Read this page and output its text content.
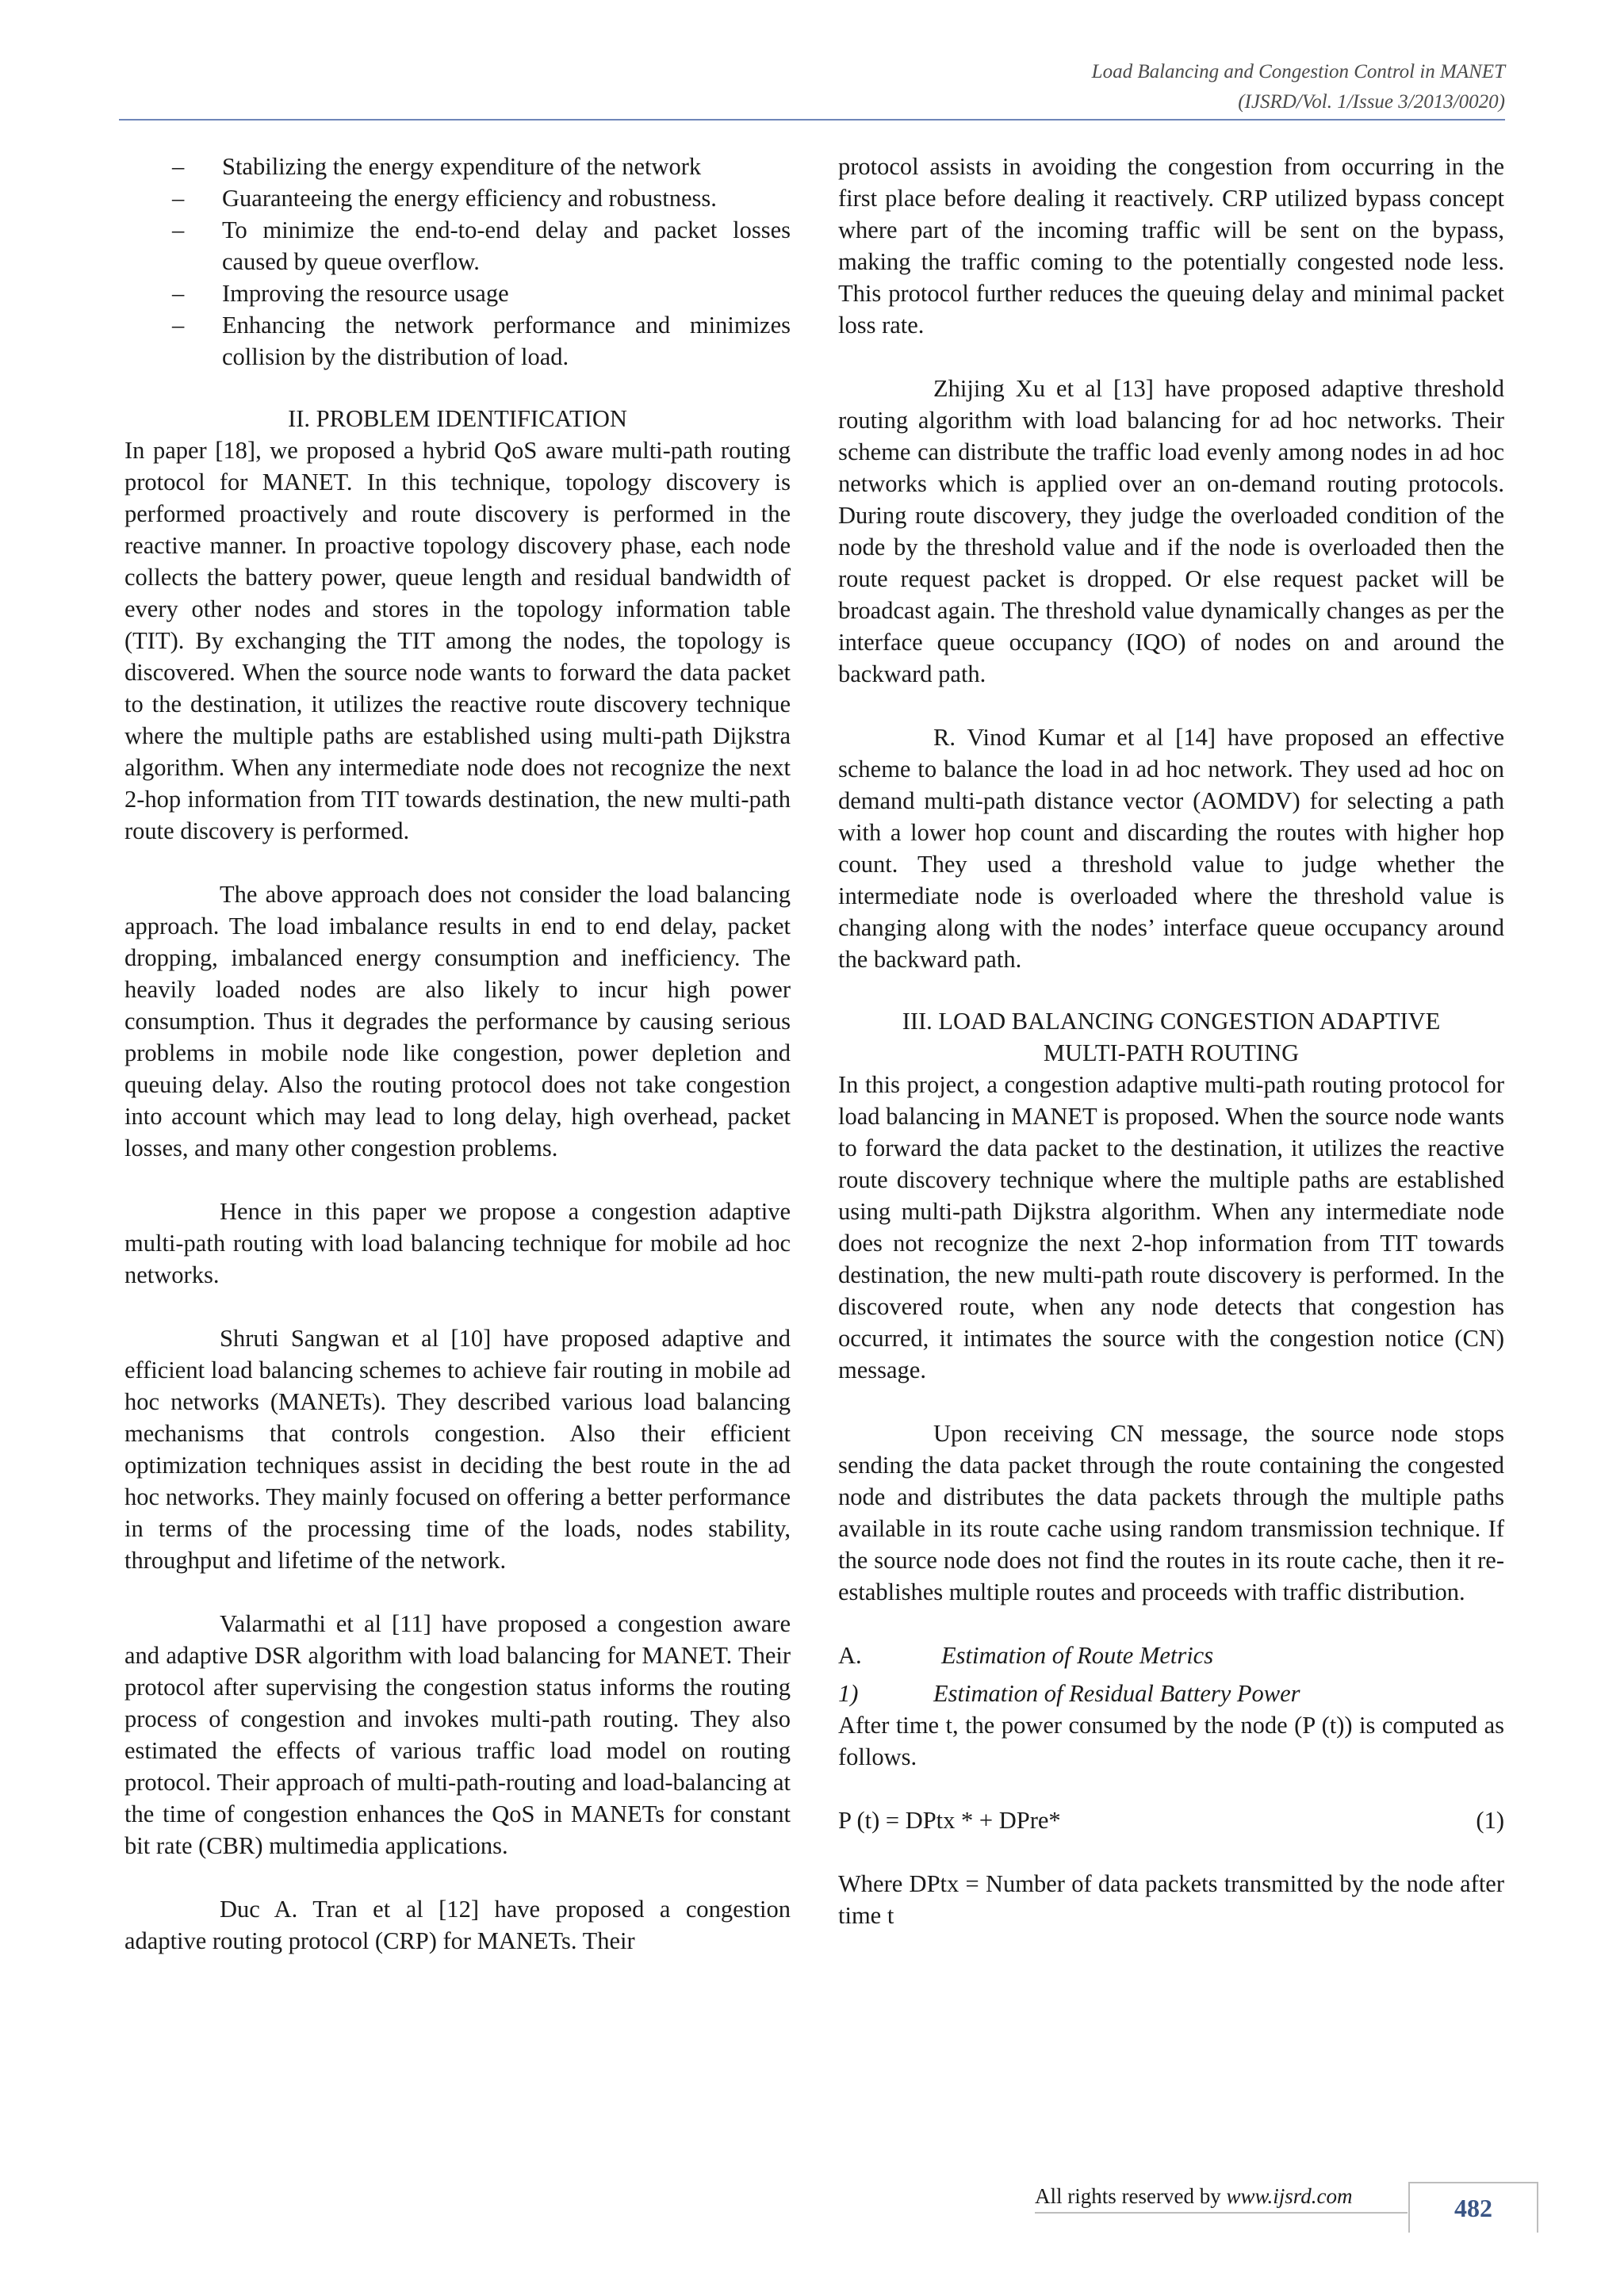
Load Balancing and Congestion Control in MANET
(IJSRD/Vol. 1/Issue 3/2013/0020)
– Stabilizing the energy expenditure of the network
– Guaranteeing the energy efficiency and robustness.
– To minimize the end-to-end delay and packet losses caused by queue overflow.
– Improving the resource usage
– Enhancing the network performance and minimizes collision by the distribution of load.
II. PROBLEM IDENTIFICATION

In paper [18], we proposed a hybrid QoS aware multi-path routing protocol for MANET. In this technique, topology discovery is performed proactively and route discovery is performed in the reactive manner. In proactive topology discovery phase, each node collects the battery power, queue length and residual bandwidth of every other nodes and stores in the topology information table (TIT). By exchanging the TIT among the nodes, the topology is discovered. When the source node wants to forward the data packet to the destination, it utilizes the reactive route discovery technique where the multiple paths are established using multi-path Dijkstra algorithm. When any intermediate node does not recognize the next 2-hop information from TIT towards destination, the new multi-path route discovery is performed.

The above approach does not consider the load balancing approach. The load imbalance results in end to end delay, packet dropping, imbalanced energy consumption and inefficiency. The heavily loaded nodes are also likely to incur high power consumption. Thus it degrades the performance by causing serious problems in mobile node like congestion, power depletion and queuing delay. Also the routing protocol does not take congestion into account which may lead to long delay, high overhead, packet losses, and many other congestion problems.

Hence in this paper we propose a congestion adaptive multi-path routing with load balancing technique for mobile ad hoc networks.

Shruti Sangwan et al [10] have proposed adaptive and efficient load balancing schemes to achieve fair routing in mobile ad hoc networks (MANETs). They described various load balancing mechanisms that controls congestion. Also their efficient optimization techniques assist in deciding the best route in the ad hoc networks. They mainly focused on offering a better performance in terms of the processing time of the loads, nodes stability, throughput and lifetime of the network.

Valarmathi et al [11] have proposed a congestion aware and adaptive DSR algorithm with load balancing for MANET. Their protocol after supervising the congestion status informs the routing process of congestion and invokes multi-path routing. They also estimated the effects of various traffic load model on routing protocol. Their approach of multi-path-routing and load-balancing at the time of congestion enhances the QoS in MANETs for constant bit rate (CBR) multimedia applications.

Duc A. Tran et al [12] have proposed a congestion adaptive routing protocol (CRP) for MANETs. Their

protocol assists in avoiding the congestion from occurring in the first place before dealing it reactively. CRP utilized bypass concept where part of the incoming traffic will be sent on the bypass, making the traffic coming to the potentially congested node less. This protocol further reduces the queuing delay and minimal packet loss rate.

Zhijing Xu et al [13] have proposed adaptive threshold routing algorithm with load balancing for ad hoc networks. Their scheme can distribute the traffic load evenly among nodes in ad hoc networks which is applied over an on-demand routing protocols. During route discovery, they judge the overloaded condition of the node by the threshold value and if the node is overloaded then the route request packet is dropped. Or else request packet will be broadcast again. The threshold value dynamically changes as per the interface queue occupancy (IQO) of nodes on and around the backward path.

R. Vinod Kumar et al [14] have proposed an effective scheme to balance the load in ad hoc network. They used ad hoc on demand multi-path distance vector (AOMDV) for selecting a path with a lower hop count and discarding the routes with higher hop count. They used a threshold value to judge whether the intermediate node is overloaded where the threshold value is changing along with the nodes’ interface queue occupancy around the backward path.

III. LOAD BALANCING CONGESTION ADAPTIVE
MULTI-PATH ROUTING

In this project, a congestion adaptive multi-path routing protocol for load balancing in MANET is proposed. When the source node wants to forward the data packet to the destination, it utilizes the reactive route discovery technique where the multiple paths are established using multi-path Dijkstra algorithm. When any intermediate node does not recognize the next 2-hop information from TIT towards destination, the new multi-path route discovery is performed. In the discovered route, when any node detects that congestion has occurred, it intimates the source with the congestion notice (CN) message.

Upon receiving CN message, the source node stops sending the data packet through the route containing the congested node and distributes the data packets through the multiple paths available in its route cache using random transmission technique. If the source node does not find the routes in its route cache, then it re-establishes multiple routes and proceeds with traffic distribution.

A.	Estimation of Route Metrics
1)	Estimation of Residual Battery Power

After time t, the power consumed by the node (P (t)) is computed as follows.

P (t) = DPtx * + DPre*	(1)

Where DPtx = Number of data packets transmitted by the node after time t

All rights reserved by www.ijsrd.com	482
